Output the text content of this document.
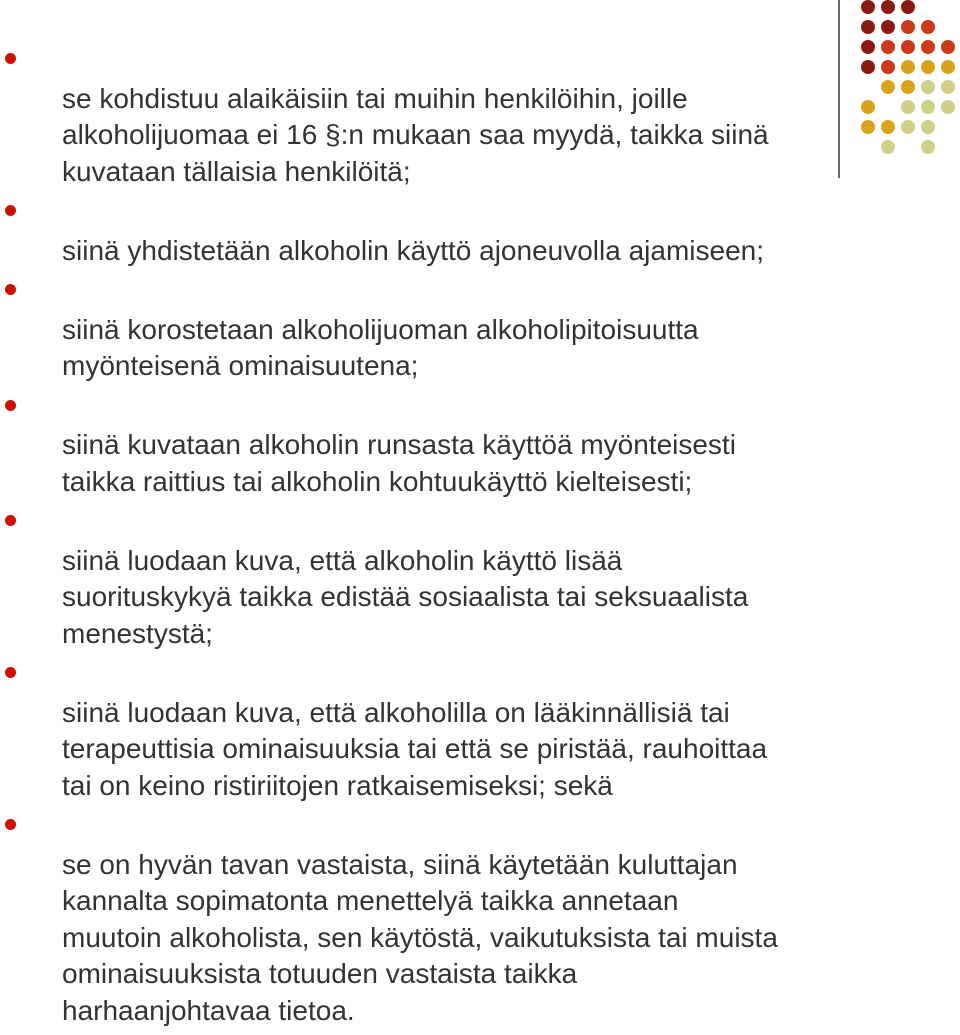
se kohdistuu alaikäisiin tai muihin henkilöihin, joille
alkoholijuomaa ei 16 §:n mukaan saa myydä, taikka siinä
kuvataan tällaisia henkilöitä;

siinä yhdistetään alkoholin käyttö ajoneuvolla ajamiseen;

siinä korostetaan alkoholijuoman alkoholipitoisuutta
myönteisenä ominaisuutena;

siinä kuvataan alkoholin runsasta käyttöä myönteisesti
taikka raittius tai alkoholin kohtuukäyttö kielteisesti;

siinä luodaan kuva, että alkoholin käyttö lisää
suorituskykyä taikka edistää sosiaalista tai seksuaalista
menestystä;

siinä luodaan kuva, että alkoholilla on lääkinnällisiä tai
terapeuttisia ominaisuuksia tai että se piristää, rauhoittaa
tai on keino ristiriitojen ratkaisemiseksi; sekä

se on hyvän tavan vastaista, siinä käytetään kuluttajan
kannalta sopimatonta menettelyä taikka annetaan
muutoin alkoholista, sen käytöstä, vaikutuksista tai muista
ominaisuuksista totuuden vastaista taikka
harhaanjohtavaa tietoa.
